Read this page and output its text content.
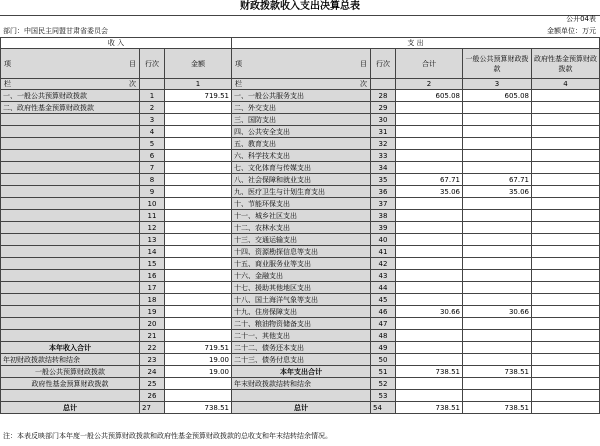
财政拨款收入支出决算总表
公开04表
部门：中国民主同盟甘肃省委员会	金额单位：万元
收 入			支 出				

项 目	行次	金额	项 目	行次	合计	一般公共预算财政拨款	政府性基金预算财政拨款

栏 次		1	栏 次		2	3	4
一、一般公共预算财政拨款	1	719.51	一、一般公共服务支出	28	605.08	605.08	
二、政府性基金预算财政拨款	2		二、外交支出	29			
	3		三、国防支出	30			
	4		四、公共安全支出	31			
	5		五、教育支出	32			
	6		六、科学技术支出	33			
	7		七、文化体育与传媒支出	34			
	8		八、社会保障和就业支出	35	67.71	67.71	
	9		九、医疗卫生与计划生育支出	36	35.06	35.06	
	10		十、节能环保支出	37			
	11		十一、城乡社区支出	38			
	12		十二、农林水支出	39			
	13		十三、交通运输支出	40			
	14		十四、资源勘探信息等支出	41			
	15		十五、商业服务业等支出	42			
	16		十六、金融支出	43			
	17		十七、援助其他地区支出	44			
	18		十八、国土海洋气象等支出	45			
	19		十九、住房保障支出	46	30.66	30.66	
	20		二十、粮油物资储备支出	47			
	21		二十一、其他支出	48			
本年收入合计	22	719.51	二十二、债务还本支出	49			
年初财政拨款结转和结余	23	19.00	二十三、债务付息支出	50			
一般公共预算财政拨款	24	19.00	本年支出合计	51	738.51	738.51	
政府性基金预算财政拨款	25		年末财政拨款结转和结余	52			
	26			53			
总计	27	738.51	总计	54	738.51	738.51	
注：本表反映部门本年度一般公共预算财政拨款和政府性基金预算财政拨款的总收支和年末结转结余情况。
